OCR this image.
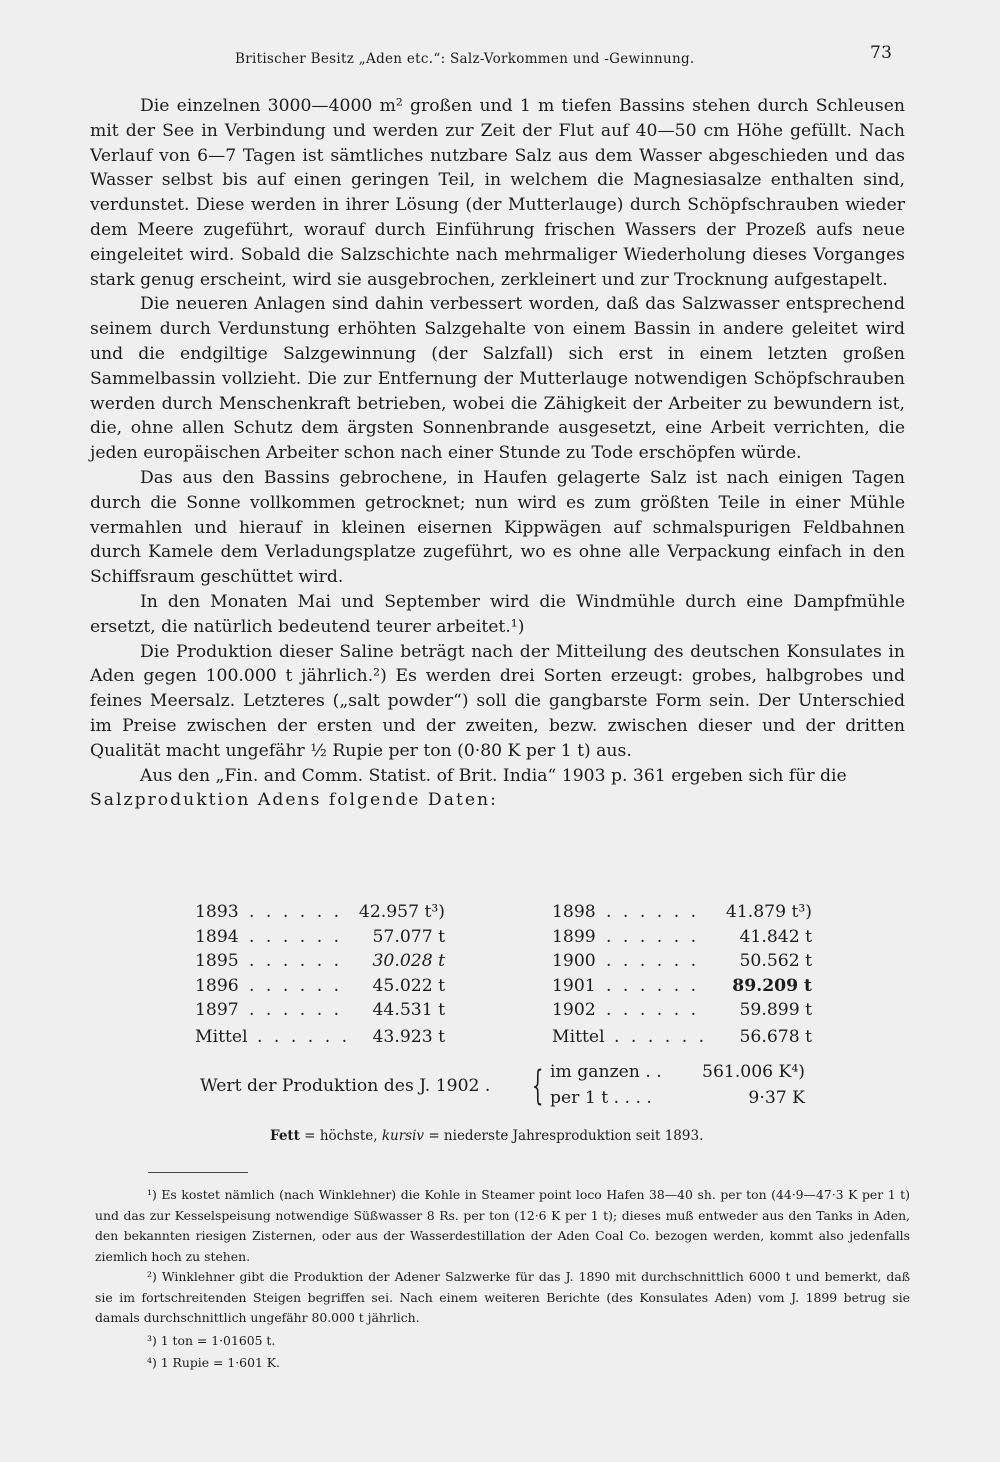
Britischer Besitz „Aden etc.“: Salz-Vorkommen und -Gewinnung.	73

Die einzelnen 3000—4000 m² großen und 1 m tiefen Bassins stehen durch Schleusen mit der See in Verbindung und werden zur Zeit der Flut auf 40—50 cm Höhe gefüllt. Nach Verlauf von 6—7 Tagen ist sämtliches nutzbare Salz aus dem Wasser abgeschieden und das Wasser selbst bis auf einen geringen Teil, in welchem die Magnesiasalze enthalten sind, verdunstet. Diese werden in ihrer Lösung (der Mutterlauge) durch Schöpfschrauben wieder dem Meere zugeführt, worauf durch Einführung frischen Wassers der Prozeß aufs neue eingeleitet wird. Sobald die Salzschichte nach mehrmaliger Wiederholung dieses Vorganges stark genug erscheint, wird sie ausgebrochen, zerkleinert und zur Trocknung aufgestapelt.

Die neueren Anlagen sind dahin verbessert worden, daß das Salzwasser entsprechend seinem durch Verdunstung erhöhten Salzgehalte von einem Bassin in andere geleitet wird und die endgiltige Salzgewinnung (der Salzfall) sich erst in einem letzten großen Sammelbassin vollzieht. Die zur Entfernung der Mutterlauge notwendigen Schöpfschrauben werden durch Menschenkraft betrieben, wobei die Zähigkeit der Arbeiter zu bewundern ist, die, ohne allen Schutz dem ärgsten Sonnenbrande ausgesetzt, eine Arbeit verrichten, die jeden europäischen Arbeiter schon nach einer Stunde zu Tode erschöpfen würde.

Das aus den Bassins gebrochene, in Haufen gelagerte Salz ist nach einigen Tagen durch die Sonne vollkommen getrocknet; nun wird es zum größten Teile in einer Mühle vermahlen und hierauf in kleinen eisernen Kippwägen auf schmalspurigen Feldbahnen durch Kamele dem Verladungsplatze zugeführt, wo es ohne alle Verpackung einfach in den Schiffsraum geschüttet wird.

In den Monaten Mai und September wird die Windmühle durch eine Dampfmühle ersetzt, die natürlich bedeutend teurer arbeitet.¹)

Die Produktion dieser Saline beträgt nach der Mitteilung des deutschen Konsulates in Aden gegen 100.000 t jährlich.²) Es werden drei Sorten erzeugt: grobes, halbgrobes und feines Meersalz. Letzteres („salt powder“) soll die gangbarste Form sein. Der Unterschied im Preise zwischen der ersten und der zweiten, bezw. zwischen dieser und der dritten Qualität macht ungefähr ½ Rupie per ton (0·80 K per 1 t) aus.

Aus den „Fin. and Comm. Statist. of Brit. India“ 1903 p. 361 ergeben sich für die

Salzproduktion Adens folgende Daten:

1893 . . . . . . 42.957 t³)
1894 . . . . . . 57.077 t
1895 . . . . . . 30.028 t
1896 . . . . . . 45.022 t
1897 . . . . . . 44.531 t
Mittel . . . . . . 43.923 t
1898 . . . . . . 41.879 t³)
1899 . . . . . . 41.842 t
1900 . . . . . . 50.562 t
1901 . . . . . . 89.209 t
1902 . . . . . . 59.899 t
Mittel . . . . . . 56.678 t
Wert der Produktion des J. 1902 . { im ganzen . . 561.006 K⁴)
per 1 t . . . .	9·37 K
Fett = höchste, kursiv = niederste Jahresproduktion seit 1893.

¹) Es kostet nämlich (nach Winklehner) die Kohle in Steamer point loco Hafen 38—40 sh. per ton (44·9—47·3 K per 1 t) und das zur Kesselspeisung notwendige Süßwasser 8 Rs. per ton (12·6 K per 1 t); dieses muß entweder aus den Tanks in Aden, den bekannten riesigen Zisternen, oder aus der Wasserdestillation der Aden Coal Co. bezogen werden, kommt also jedenfalls ziemlich hoch zu stehen.

²) Winklehner gibt die Produktion der Adener Salzwerke für das J. 1890 mit durchschnittlich 6000 t und bemerkt, daß sie im fortschreitenden Steigen begriffen sei. Nach einem weiteren Berichte (des Konsulates Aden) vom J. 1899 betrug sie damals durchschnittlich ungefähr 80.000 t jährlich.

³) 1 ton = 1·01605 t.

⁴) 1 Rupie = 1·601 K.
